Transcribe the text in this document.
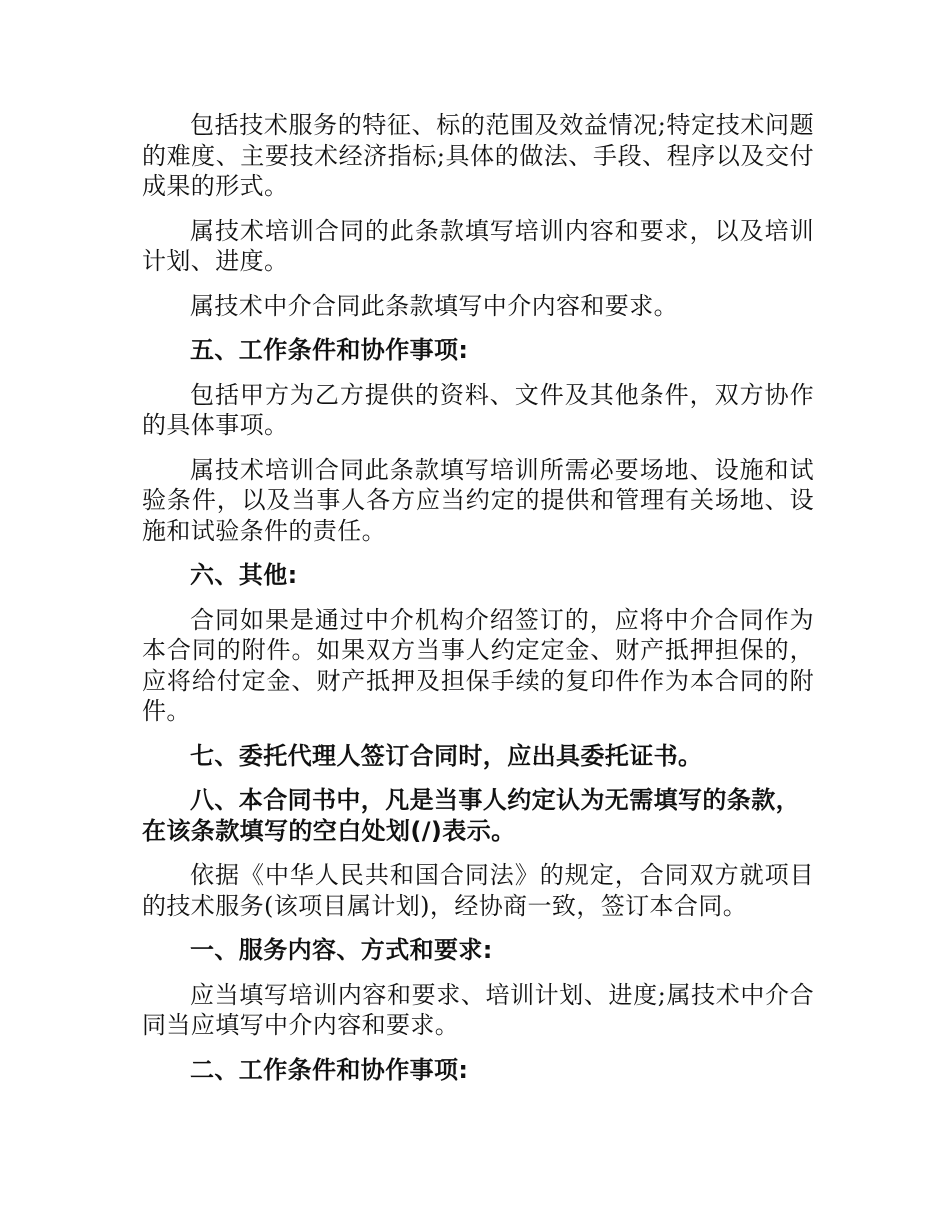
包括技术服务的特征、标的范围及效益情况;特定技术问题的难度、主要技术经济指标;具体的做法、手段、程序以及交付成果的形式。

属技术培训合同的此条款填写培训内容和要求，以及培训计划、进度。

属技术中介合同此条款填写中介内容和要求。

五、工作条件和协作事项:

包括甲方为乙方提供的资料、文件及其他条件，双方协作的具体事项。

属技术培训合同此条款填写培训所需必要场地、设施和试验条件，以及当事人各方应当约定的提供和管理有关场地、设施和试验条件的责任。

六、其他:

合同如果是通过中介机构介绍签订的，应将中介合同作为本合同的附件。如果双方当事人约定定金、财产抵押担保的，应将给付定金、财产抵押及担保手续的复印件作为本合同的附件。

七、委托代理人签订合同时，应出具委托证书。

八、本合同书中，凡是当事人约定认为无需填写的条款，在该条款填写的空白处划(/)表示。

依据《中华人民共和国合同法》的规定，合同双方就项目的技术服务(该项目属计划)，经协商一致，签订本合同。

一、服务内容、方式和要求:

应当填写培训内容和要求、培训计划、进度;属技术中介合同当应填写中介内容和要求。

二、工作条件和协作事项:
